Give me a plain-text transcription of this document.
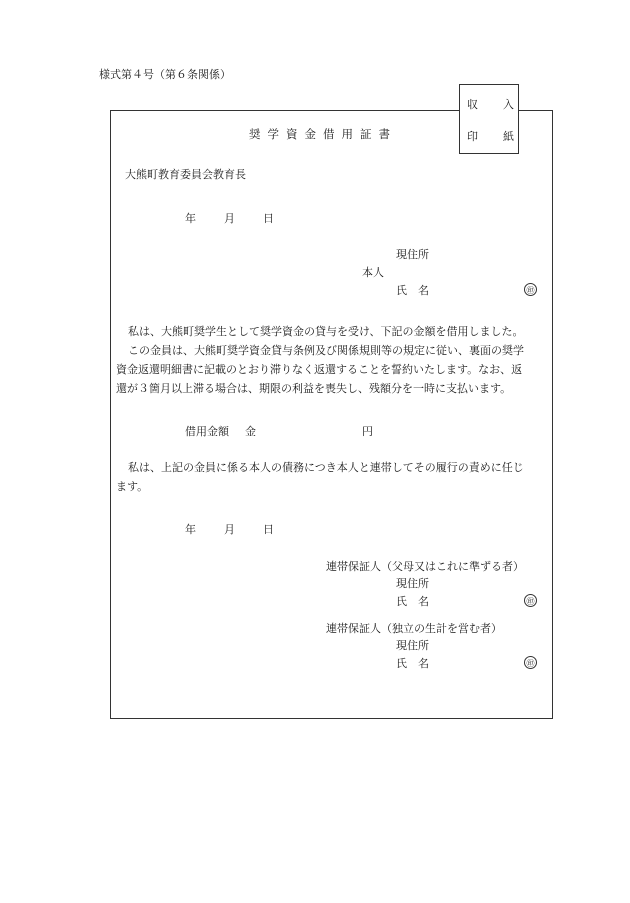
様式第４号（第６条関係）
収 入
印 紙
奨学資金借用証書
大熊町教育委員会教育長
年	月	日
現住所
本人
氏　名	㊞
私は、大熊町奨学生として奨学資金の貸与を受け、下記の金額を借用しました。
この金員は、大熊町奨学資金貸与条例及び関係規則等の規定に従い、裏面の奨学
資金返還明細書に記載のとおり滞りなく返還することを誓約いたします。なお、返
還が３箇月以上滞る場合は、期限の利益を喪失し、残額分を一時に支払います。
借用金額 金	円
私は、上記の金員に係る本人の債務につき本人と連帯してその履行の責めに任じ
ます。
年	月	日
連帯保証人（父母又はこれに準ずる者）
現住所
氏　名	㊞
連帯保証人（独立の生計を営む者）
現住所
氏　名	㊞
